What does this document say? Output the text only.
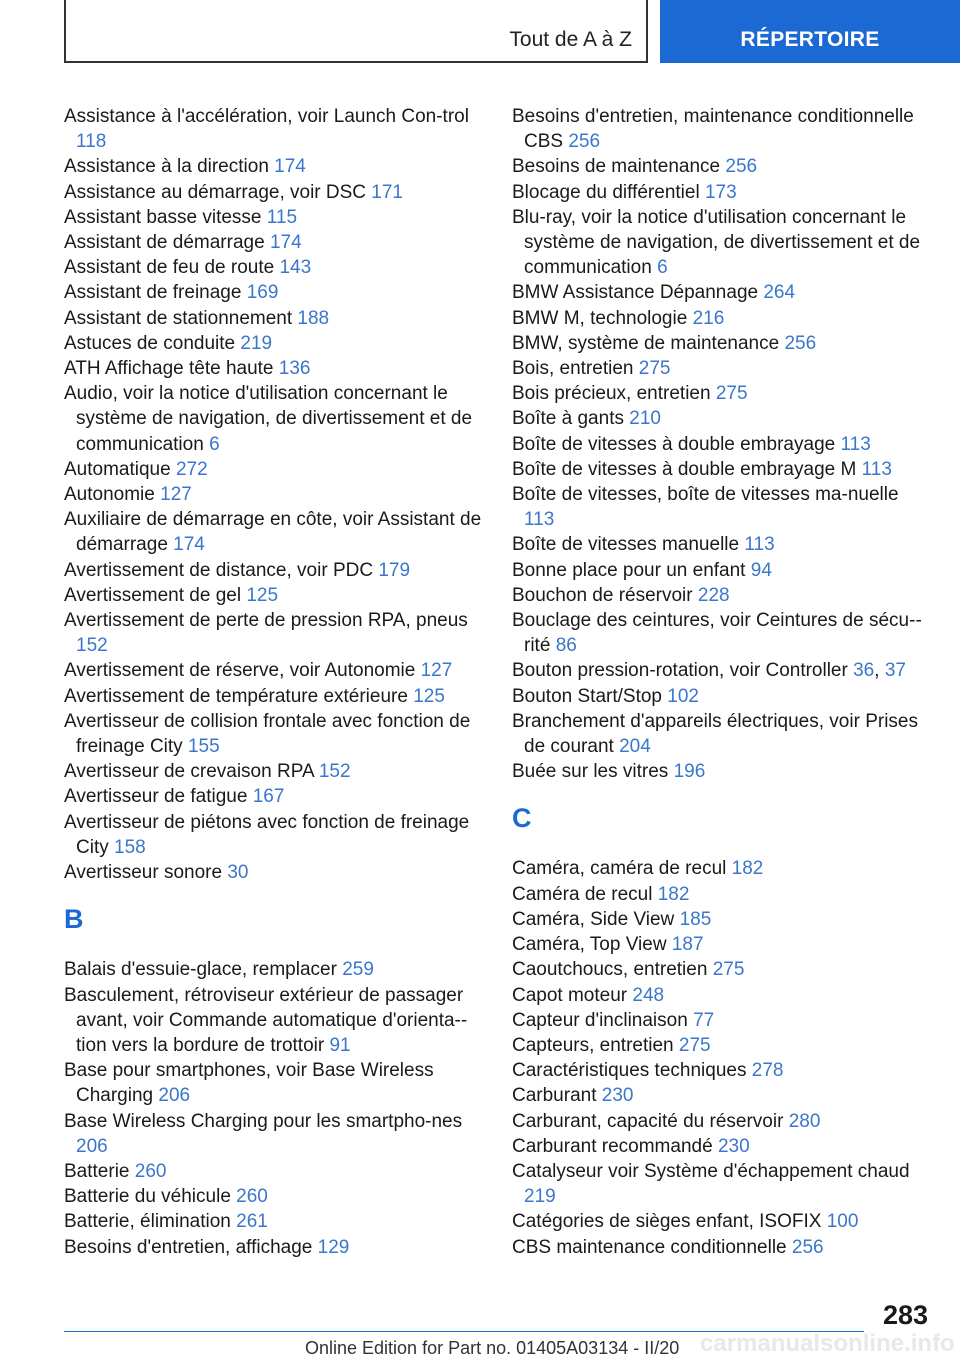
Tout de A à Z	RÉPERTOIRE
Assistance à l'accélération, voir Launch Con-trol 118
Assistance à la direction 174
Assistance au démarrage, voir DSC 171
Assistant basse vitesse 115
Assistant de démarrage 174
Assistant de feu de route 143
Assistant de freinage 169
Assistant de stationnement 188
Astuces de conduite 219
ATH Affichage tête haute 136
Audio, voir la notice d'utilisation concernant le système de navigation, de divertissement et de communication 6
Automatique 272
Autonomie 127
Auxiliaire de démarrage en côte, voir Assistant de démarrage 174
Avertissement de distance, voir PDC 179
Avertissement de gel 125
Avertissement de perte de pression RPA, pneus 152
Avertissement de réserve, voir Autonomie 127
Avertissement de température extérieure 125
Avertisseur de collision frontale avec fonction de freinage City 155
Avertisseur de crevaison RPA 152
Avertisseur de fatigue 167
Avertisseur de piétons avec fonction de freinage City 158
Avertisseur sonore 30
B
Balais d'essuie-glace, remplacer 259
Basculement, rétroviseur extérieur de passager avant, voir Commande automatique d'orienta-tion vers la bordure de trottoir 91
Base pour smartphones, voir Base Wireless Charging 206
Base Wireless Charging pour les smartpho-nes 206
Batterie 260
Batterie du véhicule 260
Batterie, élimination 261
Besoins d'entretien, affichage 129
Besoins d'entretien, maintenance conditionnelle CBS 256
Besoins de maintenance 256
Blocage du différentiel 173
Blu-ray, voir la notice d'utilisation concernant le système de navigation, de divertissement et de communication 6
BMW Assistance Dépannage 264
BMW M, technologie 216
BMW, système de maintenance 256
Bois, entretien 275
Bois précieux, entretien 275
Boîte à gants 210
Boîte de vitesses à double embrayage 113
Boîte de vitesses à double embrayage M 113
Boîte de vitesses, boîte de vitesses ma-nuelle 113
Boîte de vitesses manuelle 113
Bonne place pour un enfant 94
Bouchon de réservoir 228
Bouclage des ceintures, voir Ceintures de sécu-rité 86
Bouton pression-rotation, voir Controller 36, 37
Bouton Start/Stop 102
Branchement d'appareils électriques, voir Prises de courant 204
Buée sur les vitres 196
C
Caméra, caméra de recul 182
Caméra de recul 182
Caméra, Side View 185
Caméra, Top View 187
Caoutchoucs, entretien 275
Capot moteur 248
Capteur d'inclinaison 77
Capteurs, entretien 275
Caractéristiques techniques 278
Carburant 230
Carburant, capacité du réservoir 280
Carburant recommandé 230
Catalyseur voir Système d'échappement chaud 219
Catégories de sièges enfant, ISOFIX 100
CBS maintenance conditionnelle 256
283
carmanualsonline.info
Online Edition for Part no. 01405A03134 - II/20
